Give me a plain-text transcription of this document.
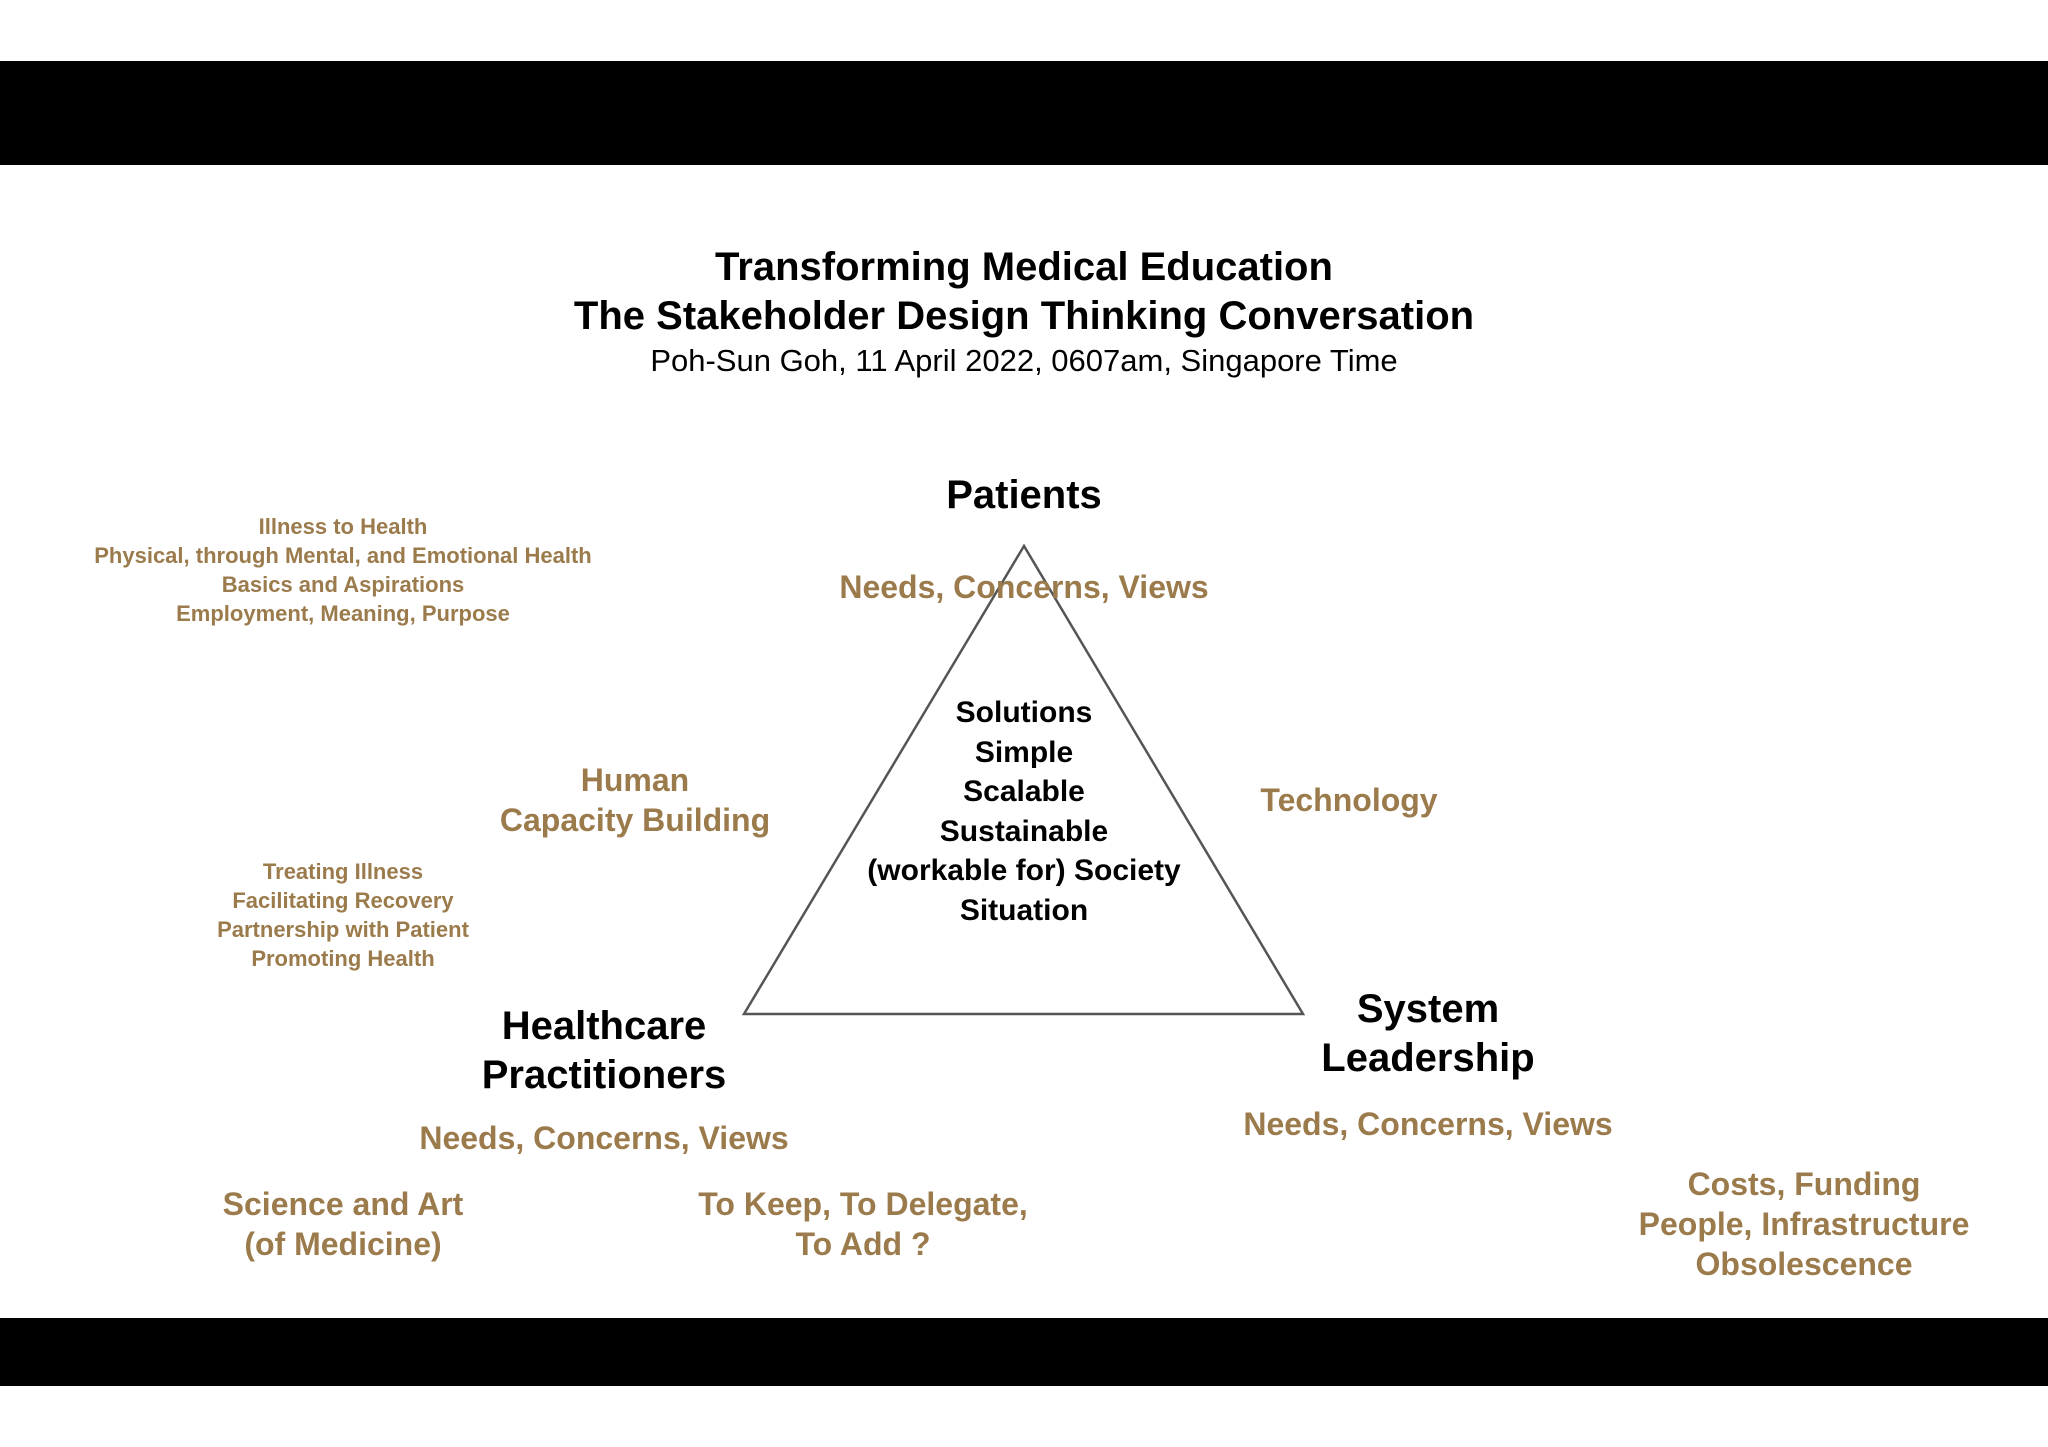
Transforming Medical Education
The Stakeholder Design Thinking Conversation
Poh-Sun Goh, 11 April 2022, 0607am, Singapore Time
Patients
Needs, Concerns, Views
Illness to Health
Physical, through Mental, and Emotional Health
Basics and Aspirations
Employment, Meaning, Purpose
Solutions
Simple
Scalable
Sustainable
(workable for) Society
Situation
Human
Capacity Building
Technology
Treating Illness
Facilitating Recovery
Partnership with Patient
Promoting Health
Healthcare
Practitioners
Needs, Concerns, Views
System
Leadership
Needs, Concerns, Views
Science and Art
(of Medicine)
To Keep, To Delegate,
To Add ?
Costs, Funding
People, Infrastructure
Obsolescence
